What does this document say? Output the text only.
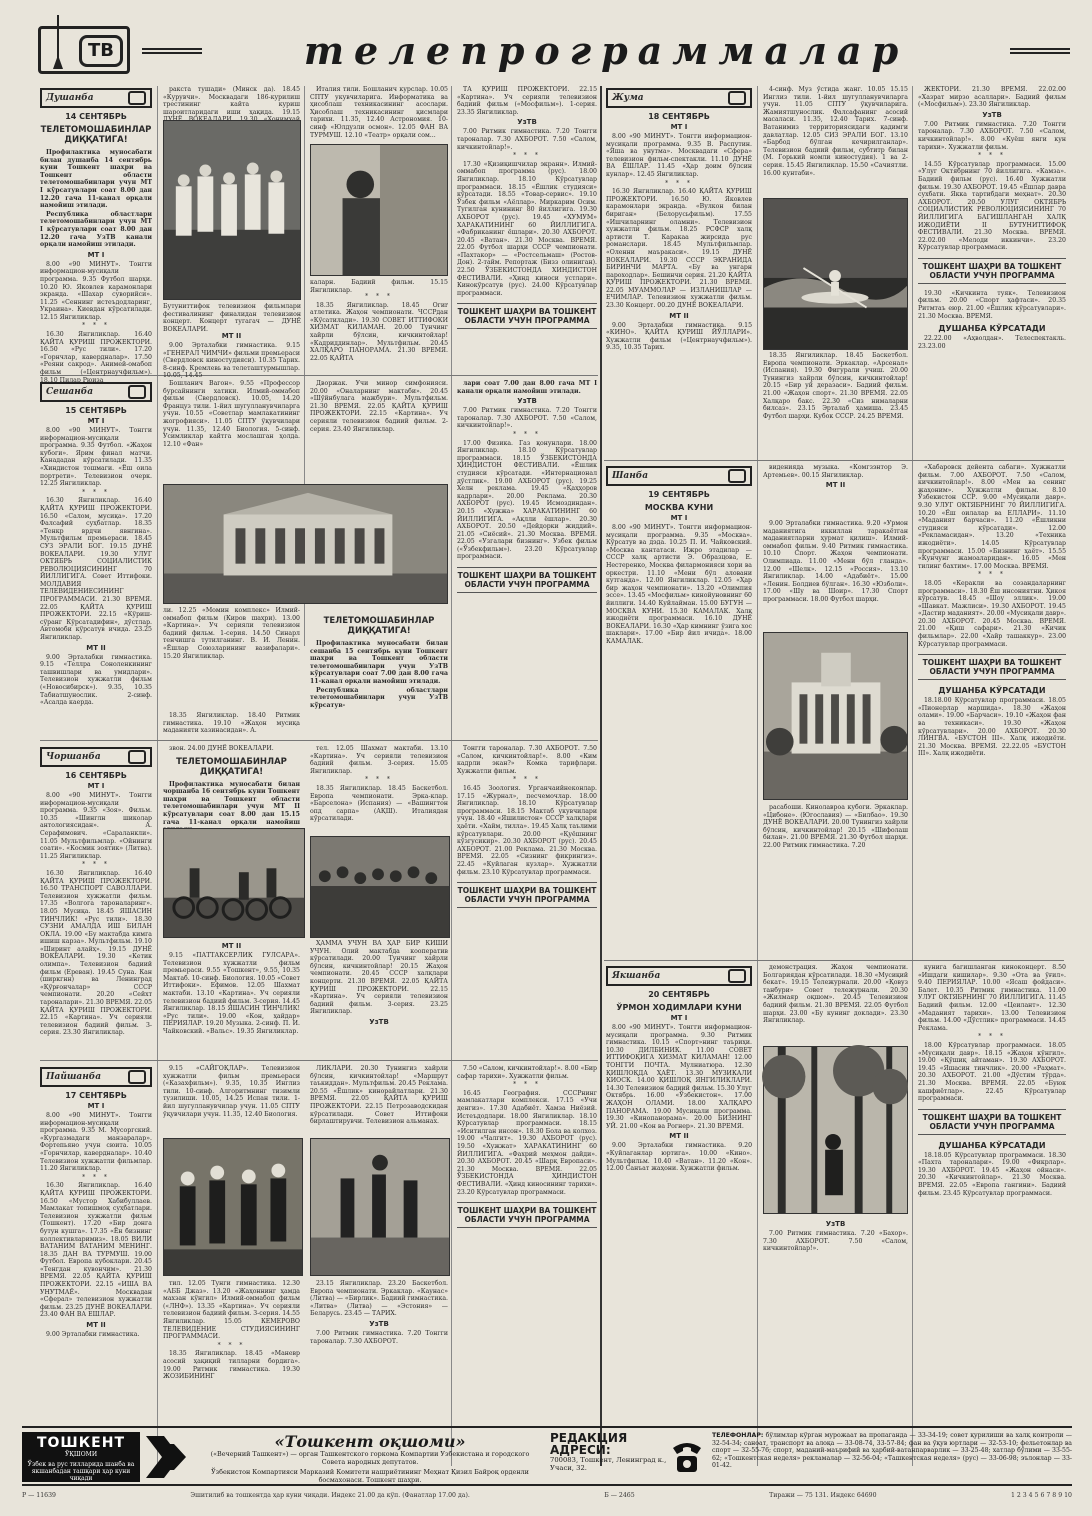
ТВ	телепрограммалар
Душанба
14 СЕНТЯБРЬ
ТЕЛЕТОМОШАБИНЛАР ДИҚҚАТИГА!

Профилактика муносабати билан душанба 14 сентябрь куни Тошкент шаҳри ва Тошкент области телетомошабинлари учун МТ I кўрсатувлари соат 8.00 дан 12.20 гача 11-канал орқали намойиш этилади.

Республика областлари телетомошабинлари учун МТ I кўрсатувлари соат 8.00 дан 12.20 гача УзТВ канали орқали намойиш этилади.

МТ I

8.00 «90 МИНУТ». Тонгги информацион-мусиқали программа. 9.35 Футбол шарҳи. 10.20 Ю. Яковлев карамонлари экранда. «Шахар суворийси». 11.25 «Сеннинг истеъдодларинг, Украина». Киевдан кўрсатилади. 12.15 Янгиликлар.

* * *

16.30 Янгиликлар. 16.40 ҚАЙТА ҚУРИШ ПРОЖЕКТОРИ. 16.50 «Рус тили». 17.20 «Горнчлар, кавердналар». 17.50 «Реяни сакрод». Анимей-омабоп фильм («Центрнаучфильм»). 18.10 Пилар Рюиза

ракста тушади» (Минск да). 18.45 «Курувчи». Москвадаги 186-курилиш трестининг кайта куриш шароитларидаги иши ҳақида. 19.15

Бутуниттифок телевизион фильмлари фестивалининг финалидан телевизион концерт. Концерт тугагач — ДУНЁ ВОКЕАЛАРИ.
МТ II

9.00 Эрталабки гимнастика. 9.15 «ГЕНЕРАЛ ЧИМЧИ» фильми премьераси (Свердловск киностудияси). 10.35 Тарих. 8-синф. Кремлевь ва телеташтурмышлар. 10.05, 14.45

Италия тили. Бошланич курслар. 10.05 СПТУ укувчиларига. Информатика ва ҳисоблаш техникасининг асослари. Ҳисоблаш техникасининг қисмлари тарихи. 11.35, 12.40 Астрономия. 10-синф «Юлдузли осмон». 12.05 ФАН ВА ТУРМУШ. 12.10 «Театр» орқали сом...

каларн. Бадиий фильм. 15.15 Янгиликлар.
* * *

18.35 Янгиликлар. 18.45 Огиr атлетика. Жаҳон чемпионати. ЧССРдан «Кўсатилади». 19.30 СОВЕТ ИТТИФОКИ ХИЗМАТ КИЛАМАН. 20.00 Тунчинг хайрли бўлсин, кичкинтойлар! «Кадриддинлар». Мультфильм. 20.45 ХАЛҚАРО ПАНОРАМА. 21.30 ВРЕМЯ. 22.05 ҚАЙТА

ТА ҚУРИШ ПРОЖЕКТОРИ. 22.15 «Картина». Уч серияли телевизион бадиий фильм («Мосфильм»). 1-серия. 23.35 Янгиликлар.

УзТВ

7.00 Ритмик гимнастика. 7.20 Тонгги тароналар. 7.30 АХБОРОТ. 7.50 «Салом, кичкинтойлар!».

* * *

17.30 «Қизиқишчилар экранн». Илмий-оммабоп программа (рус). 18.00 Янгиликлар. 18.10 Кўрсатувлар программаси. 18.15 «Ёшлик студияси» кўрсатади. 18.55 «Товар-сервис». 19.10 Ўзбек фильм «Аёллар». Миркарим Осим. Тугилган кунининг 80 йиллигига. 19.30 АХБОРОТ (рус). 19.45 «ХУМУМ» ХАРАКАТИНИНГ 60 ЙИЛЛИГИГА. «Фабриканинг ёшлари». 20.30 АХБОРОТ. 20.45 «Ватан». 21.30 Москва. ВРЕМЯ. 22.05 Футбол шарҳи СССР чемпионати. «Пахтакор» — «Ростсельмаш» (Ростов-Дон). 2-тайм. Репортаж (Бизз олиниган). 22.50 ЎЗБЕКИСТОНДА ХИНДИСТОН ФЕСТИВАЛИ. «Ҳинд киноси устлари». Кинокўрсатув (рус). 24.00 Кўрсатувлар программаси.

ТОШКЕНТ ШАҲРИ ВА ТОШКЕНТ ОБЛАСТИ УЧУН ПРОГРАММА
Сешанба
15 СЕНТЯБРЬ
МТ I

8.00 «90 МИНУТ». Тонгги информацион-мусиқали программа. 9.35 Футбол. «Жаҳон кубоги». Ярим финал матчи. Канададан кўрсатилади. 11.35 «Хиндистон тошмаги. «Ёш оила портрети». Телевизион очерк. 12.25 Янгиликлар.

* * *

16.30 Янгиликлар. 16.40 ҚАЙТА ҚУРИШ ПРОЖЕКТОРИ. 16.50 «Салом, мусиқа». 17.20 Фалсафий суҳбатлар. 18.35 «Тенкр врдчи явнгина». Мультфильм премьераси. 18.45 СУЗ ЭРАЛИ БОГ. 19.15 ДУНЁ ВОКЕАЛАРИ. 19.30 УЛУГ ОКТЯБРЬ СОЦИАЛИСТИК РЕВОЛЮЦИЯСИНИНГ 70 ЙИЛЛИГИГА. Совет Иттифоки. МОЛДАВИЯ ТЕЛЕВИДЕНИЕСИНИНГ ПРОГРАММАСИ. 21.30 ВРЕМЯ. 22.05 ҚАЙТА ҚУРИШ ПРОЖЕКТОРИ. 22.15 «Кўриш-сўранг Кўрсатадифин», дўстлар. Автомоби кўрсатув ичида. 23.25 Янгиликлар.

МТ II

9.00 Эрталабки гимнастика. 9.15 «Теллра Соноленкининг ташвишлари ва умидлари». Телевизион хужжатли фильм («Новосибирск»). 9.35, 10.35 Табиатшунослик. 2-синф. «Асалда каерда.

Бошланич Вагон». 9.55 «Профессор бурсайнинги хатики. Илмий-оммабоп фильм (Свердловск). 10.05, 14.20 Француз тили. 1-йил шугулланувчиларга учун. 10.55 «Советлар мамлакатининг жогрофияси». 11.05 СПТУ ўқувчилари учун. 11.35, 12.40 Биология. 5-синф. Усимликлар кайтга мослашган ҳолда. 12.10 «Фан»

ли. 12.25 «Момин комплекс» Илмий-оммабоп фильм (Киров шаҳри). 13.00 «Картина». Уч серияли телевизион бадиий фильм. 1-серия. 14.50 Синарл тенчишга тутилганинг. В. И. Ленин. «Ёшлар Союзларининг вазифалари». 15.20 Янгиликлар.

18.35 Янгиликлар. 18.40 Ритмик гимнастика. 19.10 «Жаҳон мусиқа маданияти хазинасидан». А.

Дворжак. Учи минор симфонияси. 20.00 «Оналарнинг мактаби». 20.45 «Шўйнбулага мажбури». Мультфильм. 21.30 ВРЕМЯ. 22.05 ҚАЙТА ҚУРИШ ПРОЖЕКТОРИ. 22.15 «Картина». Уч серияли телевизион бадиий фильм. 2-серия. 23.40 Янгиликлар.

ТЕЛЕТОМОШАБИНЛАР ДИҚҚАТИГА!

Профилактика муносабати билан сешанба 15 сентябрь куни Тошкент шаҳри ва Тошкент области телетомошабинлари учун УзТВ кўрсатувлари соат 7.00 дан 8.00 гача 11-канал орқали намойиш этилади.

Республика областлари телетомошабинлари учун УзТВ кўрсатув-

лари соат 7.00 дан 8.00 гача МТ I канали орқали намойиш этилади.

УзТВ

7.00 Ритмик гимнастика. 7.20 Тонгги тароналар. 7.30 АХБОРОТ. 7.50 «Салом, кичкинтойлар!».

* * *

17.00 Физика. Газ қонунлари. 18.00 Янгиликлар. 18.10 Кўрсатувлар программаси. 18.15 ЎЗБЕКИСТОНДА ҲИНДИСТОН ФЕСТИВАЛИ. «Ёшлик студияси кўрсатади. «Интернационал дўстлик». 19.00 АХБОРОТ (рус). 19.25 Хелн реклама. 19.45 «Қаҳҳоров кадрлари». 20.00 Реклама. 20.30 АХБОРОТ (рус). 19.45 Исмоздиндан». 20.15 «Хужжа» ХАРАКАТИНИНГ 60 ЙИЛЛИГИГА. «Ақлли ёшлар». 20.30 АХБОРОТ. 20.50 «Дейдорки жиддий». 21.05 «Сиёсий». 21.30 Москва. ВРЕМЯ. 22.05 «Узгалари бизнинг». Узбек фильм («Ўзбекфильм»). 23.20 Кўрсатувлар программаси.

ТОШКЕНТ ШАҲРИ ВА ТОШКЕНТ ОБЛАСТИ УЧУН ПРОГРАММА
Чоршанба
16 СЕНТЯБРЬ
МТ I

8.00 «90 МИНУТ». Тонгги информацион-мусиқали программа. 9.35 «Зоя». Фильм. 10.35 «Шинглн шиколар антологиясидан». А. Серафимович. «Сараланкли». 11.05 Мультфильмлар. «Ойнинги соати». «Космик зоятик» (Литва). 11.25 Янгиликлар.

* * *

16.30 Янгиликлар. 16.40 ҚАЙТА ҚУРИШ ПРОЖЕКТОРИ. 16.50 ТРАНСПОРТ САВОЛЛАРИ. Телевизион хужжатли фильм. 17.35 «Волгога тароналаринг». 18.05 Мусиқа. 18.45 ЯШАСИН ТИНЧЛИК! «Рус тили». 18.30 СУЗНИ АМАЛДА ИШ БИЛАН ОКЛА. 19.00 «Бу мактабда кимга ишиш карза». Мультфильм. 19.10 «Ширинт алайҳ». 19.15 ДУНЁ ВОКЕАЛАРИ. 19.30 «Кетик олимпа». Телевизион бадиий фильм (Ереван). 19.45 Суна. Кан (ширкгнн) ва Ленинград «Қўрғончалар» СССР чемпионати. 20.20 «Сейхт тароналари». 21.30 ВРЕМЯ. 22.05 ҚАЙТА ҚУРИШ ПРОЖЕКТОРИ. 22.15 «Картина». Уч серияли телевизион бадиий фильм. 3-серия. 23.30 Янгиликлар.

звон. 24.00 ДУНЁ ВОКЕАЛАРИ.

ТЕЛЕТОМОШАБИНЛАР ДИҚҚАТИГА!

Профилактика муносабати билан чоршанба 16 сентябрь куни Тошкент шаҳри ва Тошкент области телетомошабинлари учун МТ II кўрсатувлари соат 8.00 дан 15.15 гача 11-канал орқали намойиш

МТ II

9.15 «ПАТТАКСЕРЛИК ГУЛСАРА». Телевизион хужжатли фильм премьераси. 9.55 «Тошкент», 9.55, 10.35 Мактаб. 10-синф. Биология. 10.05 «Совет Иттифоки». Ефимов. 12.05 Шахмат мактаби. 13.10 «Картина». Уч серияли телевизион бадиий фильм. 3-серия. 14.45 Янгиликлар. 18.15 ЯШАСИН ТИНЧЛИК! «Рус тили». 19.00 «Кон, ҳайдар» ПЕРИЯЛАР. 19.20 Музыка. 2-синф. П. И. Чайковский. «Вальс». 19.35 Янгиликлар.

тел. 12.05 Шахмат мактаби. 13.10 «Картина». Уч серияли телевизион бадиий фильм. 3-серия. 15.05 Янгиликлар.

* * *

18.35 Янгиликлар. 18.45 Баскетбол. Европа чемпионати. Эрка-клар. «Барселона» (Испания) — «Вашингтон опд сарпа» (АҚШ). Италиядан кўрсатилади.

ҲАММА УЧУН ВА ҲАР БИР КИШИ УЧУН. Олий мактабда кооператив кўрсатилади. 20.00 Тунчинг хайрли бўлсин, кичкинтойлар! 20.15 Жаҳон чемпионати. 20.45 СССР халқлари концерти. 21.30 ВРЕМЯ. 22.05 ҚАЙТА ҚУРИШ ПРОЖЕКТОРИ. 22.15 «Картина». Уч серияли телевизион бадиий фильм. 3-серия. 23.25 Янгиликлар.

УзТВ

Тонгги тароналар. 7.30 АХБОРОТ. 7.50 «Салом, кичкинтойлар!». 8.00 «Ким кадрли экан?» Комка тарифлари. Хужжатли фильм.

* * *

16.45 Зоология. Урганчаийнеконлар. 17.15 «Журнал», песчемочлар. 18.00 Янгиликлар. 18.10 Кўрсатувлар программаси. 18.15 Мактаб укувчилари учун. 18.40 «Яшилистон» СССР халқлари ҳаёти. «Хайм, тилла». 19.45 Халқ таълими кўрсатувлари. 20.00 «Қуёшнинг кўзгусикир». 20.30 АХБОРОТ (рус). 20.45 АХБОРОТ. 21.00 Реклама. 21.30 Москва. ВРЕМЯ. 22.05 «Сизнинг фикрингиз». 22.45 «Куйлаган кузлар». Хужжатли фильм. 23.10 Кўрсатувлар программаси.

ТОШКЕНТ ШАҲРИ ВА ТОШКЕНТ ОБЛАСТИ УЧУН ПРОГРАММА
Пайшанба
17 СЕНТЯБРЬ
МТ I

8.00 «90 МИНУТ». Тонгги информацион-мусиқали программа. 9.35 М. Мусоргский. «Кургазмадаги манзаралар». Фортепьяно учун сюита. 10.05 «Горнчилар, кавердналар». 10.40 Телевизион хужжатли фильмлар. 11.20 Янгиликлар.

* * *

16.30 Янгиликлар. 16.40 ҚАЙТА ҚУРИШ ПРОЖЕКТОРИ. 16.50 «Мустор Хабибуллаев. Мамлакат топишмоқ суҳбатлари. Телевизион хужжатли фильм (Тошкент). 17.20 «Бир донга бутун кушга». 17.35 «Ён бизнинг коллективларимиз». 18.05 ВИЛИ ВАТАНИМ ВАТАНИМ МЕНИНГ. 18.35 ДАН ВА ТУРМУШ. 19.00 Футбол. Европа кубоклари. 20.45 «Тенгдан кувончим». 21.30 ВРЕМЯ. 22.05 ҚАЙТА ҚУРИШ ПРОЖЕКТОРИ. 22.15 «ИША ВА УНУТМАЁ». Москвадан «Сферал» телевизион хужжатли фильм. 23.25 ДУНЁ ВОКЕАЛАРИ. 23.40 ФАН ВА ЕШЛАР.

МТ II

9.00 Эрталабки гимнастика.

9.15 «САЙГОҚЛАР». Телевизион хужжатли фильм премьераси («Казахфильм»). 9.35, 10.35 Инглиз тили. 10-синф. Алгоритмнинг тизимли тузилиши. 10.05, 14.25 Испан тили. 1-йил шугулланувчилар учун. 11.05 СПТУ ўқувчилари учун. 11.35, 12.40 Биология.

тил. 12.05 Тунги гимнастика. 12.30 «АББ Джаз». 13.20 «Жаҳоннинг ҳамда махзан кўнгил» Илмий-оммабоп фильм («ЛНФ»). 13.35 «Картина». Уч серияли телевизион бадиий фильм. 3-серия. 14.55 Янгиликлар. 15.05 КЕМЕРОВО ТЕЛЕВИДЕНИЕ СТУДИЯСИНИНГ ПРОГРАММАСИ.

* * *

18.35 Янгиликлар. 18.45 «Маневр асосий ҳақиқий тилларни бордига». 19.00 Ритмик гимнастика. 19.30 ЖОЗИБИНИНГ

ЛИКЛАРИ. 20.30 Тунингиз хайрли бўлсин, кичкинтойлар! «Маршрут таъкиддан». Мультфильм. 20.45 Реклама. 20.55 «Ёшлик» кинорайлатлари. 21.30 ВРЕМЯ. 22.05 ҚАЙТА ҚУРИШ ПРОЖЕКТОРИ. 22.15 Петрозаводскидан кўрсатилади. Совет Иттифоки бирлаштирувчи. Телевизион альманах.

23.15 Янгиликлар. 23.20 Баскетбол. Европа чемпионати. Эркаклар. «Каунас» (Литва) — «Бирлик». Бадиий гимнастика. «Литва» (Литва) — «Эстония» — Беларусь. 23.45 — ТАРИХ.

УзТВ

7.00 Ритмик гимнастика. 7.20 Тонгги тароналар. 7.30 АХБОРОТ.

7.50 «Салом, кичкинтойлар!». 8.00 «Бир сафар тарихи». Хужжатли фильм.

* * *

16.45 География. СССРнинг мамлакатлари комплекси. 17.15 «Учи денгиз». 17.30 Адабиёт. Хамза Ниёзий. Истеъдодлари. 18.00 Янгиликлар. 18.10 Кўрсатувлар программаси. 18.15 «Иситилган инсон». 18.30 Бола ва колхоз. 19.00 «Чалгит». 19.30 АХБОРОТ (рус). 19.50 «Хужжат» ХАРАКАТИНИНГ 60 ЙИЛЛИГИГА. «Фахрий меҳмон дайди». 20.30 АХБОРОТ. 20.45 «Шарқ Европаси». 21.30 Москва. ВРЕМЯ. 22.05 ЎЗБЕКИСТОНДА ҲИНДИСТОН ФЕСТИВАЛИ. «Ҳинд киносининг тарихи». 23.20 Кўрсатувлар программаси.

ТОШКЕНТ ШАҲРИ ВА ТОШКЕНТ ОБЛАСТИ УЧУН ПРОГРАММА
Жума
18 СЕНТЯБРЬ
МТ I

8.00 «90 МИНУТ». Тонгги информацион-мусиқали программа. 9.35 В. Распутин. «Яша ва унутма». Москвадаги «Сфера» телевизион фильм-спектакли. 11.10 ДУНЁ ВА ЁШЛАР. 11.45 «Ҳар доим бўлсин кунлар». 12.45 Янгиликлар.

* * *

16.30 Янгиликлар. 16.40 ҚАЙТА ҚУРИШ ПРОЖЕКТОРИ. 16.50 Ю. Яковлев карамонлари экранда. «Вулкон билан бириган» (Белорусьфильм). 17.55 «Ишчиларнинг оламни». Телевизион хужжатли фильм. 18.25 РСФСР халқ артисти Т. Каракаа жирсида рус романслари. 18.45 Мультфильмлар. «Оленни маъракаси». 19.15 ДУНЁ ВОКЕАЛАРИ. 19.30 СССР ЭКРАНИДА БИРИНЧИ МАРТА. «Бу ва унгарн пароходлар». Бешинчи серия. 21.20 ҚАЙТА ҚУРИШ ПРОЖЕКТОРИ. 21.30 ВРЕМЯ. 22.05 МУАММОЛАР — ИЗЛАНИШЛАР — ЕЧИМЛАР. Телевизион хужжатли фильм. 23.30 Концерт. 00.20 ДУНЁ ВОКЕАЛАРИ.

МТ II

9.00 Эрталабки гимнастика. 9.15 «КИНО». ҚАЙТА ҚУРИШ ЙЎЛЛАРИ». Хужжатли фильм («Центрнаучфильм»). 9.35, 10.35 Тарих.

4-синф. Муз ўстида жанг. 10.05 15.15 Инглиз тили. 1-йил шугулланувчиларга учун. 11.05 СПТУ ўқувчиларига. Жамиятшунослик. Фалсафанинг асосий масаласи. 11.35, 12.40 Тарих. 7-синф. Ватанимиз территориясидаги қадимги давлатлар. 12.05 СИЗ ЭРАЛИ БОГ. 13.10 «Барбод бўлган кечирилганлар». Телевизион бадиий фильм, субтитр билан (М. Горький номли киностудия). 1 ва 2-серия. 15.45 Янгиликлар. 15.50 «Сачиятли. 16.00 кунтаби».

18.35 Янгиликлар. 18.45 Баскетбол. Европа чемпионати. Эркаклар. «Арсенал» (Испания). 19.30 Фигурали учиш. 20.00 Тунингиз хайрли бўлсин, кичкинтойлар! 20.15 «Бир уй деразаси». Бадиий фильм. 21.00 «Жаҳон спорт». 21.30 ВРЕМЯ. 22.05 Халқаро бакс. 22.30 «Сиз нималарни билсаз». 23.15 Эрталаб ҳамиша. 23.45 Футбол шарҳи. Кубок СССР. 24.25 ВРЕМЯ.

ЖЕКТОРИ. 21.30 ВРЕМЯ. 22.02.00 «Хазрат мирзо асаллари». Бадиий фильм («Мосфильм»). 23.30 Янгиликлар.

УзТВ

7.00 Ритмик гимнастика. 7.20 Тонгги тароналар. 7.30 АХБОРОТ. 7.50 «Салом, кичкинтойлар!». 8.00 «Куёш янги кун тарихи». Хужжатли фильм.

* * *

14.55 Кўрсатувлар программаси. 15.00 «Улуг Октябрнинг 70 йиллигига. «Камза». Бадиий фильм (рус). 16.40 Хужжатли фильм. 19.30 АХБОРОТ. 19.45 «Ёшлар давра сухбати. Якка тартибдаги меҳнат». 20.30 АХБОРОТ. 20.50 УЛУГ ОКТЯБРЬ СОЦИАЛИСТИК РЕВОЛЮЦИЯСИНИНГ 70 ЙИЛЛИГИГА БАГИШЛАНГАН ХАЛҚ ИЖОДИЁТИ II БУТУНИТТИФОҚ ФЕСТИВАЛИ. 21.30 Москва. ВРЕМЯ. 22.02.00 «Мелоди иккинчи». 23.20 Кўрсатувлар программаси.

ТОШКЕНТ ШАҲРИ ВА ТОШКЕНТ ОБЛАСТИ УЧУН ПРОГРАММА

19.30 «Кичкинта туяк». Телевизион фильм. 20.00 «Спорт ҳафтаси». 20.35 Ритмтаъ еюр. 21.00 «Ёшлик кўрсатувлари». 21.30 Москва. ВРЕМЯ.

ДУШАНБА КЎРСАТАДИ

22.22.00 «Аҳволдан». Телеспектакль. 23.23.00

Шанба
19 СЕНТЯБРЬ
МОСКВА КУНИ
МТ I

8.00 «90 МИНУТ». Тонгги информацион-мусиқали программа. 9.35 «Москва». Кўрсатув ва дэда. 10.25 П. И. Чайковский. «Москва кантатаси. Ижро этадилар — СССР халқ артисти Э. Образцова, Е. Нестеренко, Москва филармонияси хори ва оркестри. 11.10 «Мени бўл аловани кутганда». 12.00 Янгиликлар. 12.05 «Ҳар бир жаҳон чемпионати». 13.20 «Олимпия эссе». 13.45 «Мосфильм» кинойуновнинг 60 йиллиги. 14.40 Куйлайман. 15.00 БУГУН — МОСКВА КУНИ. 15.30 КАМАЛАК. Халқ ижодиёти программаси. 16.10 ДУНЁ ВОКЕАЛАРИ. 16.30 «Ҳар кимнинг ўзига хос шаклари». 17.00 «Бир йил ичида». 18.00 КАМАЛАК.

виденияда музыка. «Комгзэнтор Э. Артемьев». 00.15 Янгиликлар.

МТ II

9.00 Эрталабки гимнастика. 9.20 «Урмон маданиятига иккиллан таракаётган маданиятларни ҳурмат қилиш». Илмий-оммабоп фильм. 9.40 Ритмик гимнастика. 10.10 Спорт. Жаҳон чемпионати. Олимпиада. 11.00 «Мени бўл гланда». 12.00 «Шелк». 12.15 «Россия». 13.10 Янгиликлар. 14.00 «Адабиёт». 15.00 «Ленин. Болдиев бўлган». 16.30 «Юзболи». 17.00 «Шу ва Шоир». 17.30 Спорт программаси. 18.00 Футбол шарҳи.

расабоши. Кинолавроа кубоги. Эркаклар. «Цибоне». (Югославия) — «Билбао». 19.30 ДУНЁ ВОКЕАЛАРИ. 20.00 Тунингиз хайрли бўлсин, кичкинтойлар! 20.15 «Шифолаш билан». 21.00 ВРЕМЯ. 21.30 Футбол шарҳи. 22.00 Ритмик гимнастика. 7.20

«Хабаровск дейента сабаги». Хужжатли фильм. 7.00 АХБОРОТ. 7.50 «Салом, кичкинтойлар!». 8.00 «Мен ва сенинг жаҳоним». Хужжатли фильм. 8.10 Ўзбекистон ССР. 9.00 «Мусиқали давр». 9.30 УЛУГ ОКТЯБРНИНГ 70 ЙИЛЛИГИГА. 10.20 «Ёш оилалар ва ЕЛЛАРИ». 11.10 «Маданият барчаси». 11.20 «Ёшликни студияси кўрсатади». 12.00 «Рекламасидан». 13.20 «Техника ижодиёти». 14.05 Кўрсатувлар программаси. 15.00 «Бизнинг ҳаёт». 15.55 «Кунчунг жамоаларидан». 16.05 «Мен тилинг бахтим». 17.00 Москва. ВРЕМЯ.

* * *

18.05 «Керакли ва созандаларнинг программаси». 18.30 Ёш инсониятни. Ҳикоя кўрсатув. 18.45 «Шоу эллик». 19.00 «Шавкат. Мажлиси». 19.30 АХБОРОТ. 19.45 «Дастир маданият». 20.00 «Мусиқали давр». 20.30 АХБОРОТ. 20.45 Москва. ВРЕМЯ. 21.00 «Қиш сафари». 21.30 «Кичик фильмлар». 22.00 «Хайр ташаккур». 23.00 Кўрсатувлар программаси.

ТОШКЕНТ ШАҲРИ ВА ТОШКЕНТ ОБЛАСТИ УЧУН ПРОГРАММА
ДУШАНБА КЎРСАТАДИ

18.18.00 Кўрсатувлар программаси. 18.05 «Пионерлар маршида». 18.30 «Жаҳон олами». 19.00 «Барчаси». 19.10 «Жаҳон фан ва техникаси». 19.30 «Жаҳон кўрсатувлари». 20.00 АХБОРОТ. 20.30 ЛИНГВА. «БУСТОН III». Халқ ижодиёти. 21.30 Москва. ВРЕМЯ. 22.22.05 «БУСТОН III». Халқ ижодиёти.

Якшанба
20 СЕНТЯБРЬ
ЎРМОН ХОДИМЛАРИ КУНИ
МТ I

8.00 «90 МИНУТ». Тонгги информацион-мусиқали программа. 9.30 Ритмик гимнастика. 10.15 «Спорт»нинг таъриҳи. 10.30 ДИЛБИНИК. 11.00 СОВЕТ ИТТИФОҚИГА ХИЗМАТ КИЛАМАН! 12.00 ТОНГГИ ПОЧТА. Мулниатюра. 12.30 ҚИШЛОҚДА ҲАЁТ. 13.30 МУЗИКАЛИ КИОСК. 14.00 ҚИШЛОҚ ЯНГИЛИКЛАРИ. 14.30 Телевизион бадиий фильм. 15.30 Улуг Октябрь. 16.00 «Ўзбекистон». 17.00 ЖАҲОН ОЛАМИ. 18.00 ХАЛҚАРО ПАНОРАМА. 19.00 Мусиқали программа. 19.30 «Кинопанорама». 20.00 БИЗНИНГ УЙ. 21.00 «Кон ва Рогнер». 21.30 ВРЕМЯ.

МТ II

9.00 Эрталабки гимнастика. 9.20 «Куйлаганлар юртига». 10.00 «Кино». Мультфильм. 10.40 «Ватан». 11.20 «Кон». 12.00 Санъат жаҳони. Хужжатли фильм.

демонстрация. Жаҳон чемпионати. Болгариядан кўрсатилади. 18.30 «Мусиқий бекат». 19.15 Тележурнали. 20.00 «Қовуз танбури» Совет тележурнали. 20.30 «Жилмаяр оқшом». 20.45 Телевизион бадиий фильм. 21.30 ВРЕМЯ. 22.05 Футбол шарҳи. 23.00 «Бу кунинг доклади». 23.30 Янгиликлар.

УзТВ

7.00 Ритмик гимнастика. 7.20 «Бахор». 7.30 АХБОРОТ. 7.50 «Салом, кичкинтойлар!».

кунига багишланган киноконцерт. 8.50 «Ишдаги кишилар». 9.30 «Ота ва ўғил». 9.40 ПЕРИЯЛАР. 10.00 «Ясаш фойдаси». Балет. 10.35 Ритмик гимнастика. 11.00 УЛУГ ОКТЯБРНИНГ 70 ЙИЛЛИГИГА. 11.45 Бадиий фильм. 12.00 «Цеилант». 12.30 «Маданият тарихи». 13.00 Телевизион фильм. 14.00 «Дўстлик» программаси. 14.45 Реклама.

* * *

18.00 Кўрсатувлар программаси. 18.05 «Мусиқали давр». 18.15 «Жаҳон кўнгил». 19.00 «Қўшиқ айтаман». 19.30 АХБОРОТ. 19.45 «Яшасин тинчлик». 20.00 «Раҳмат». 20.30 АХБОРОТ. 21.00 «Дўстим тўрда». 21.30 Москва. ВРЕМЯ. 22.05 «Буюк кашфиётлар». 22.45 Кўрсатувлар программаси.

ТОШКЕНТ ШАҲРИ ВА ТОШКЕНТ ОБЛАСТИ УЧУН ПРОГРАММА
ДУШАНБА КЎРСАТАДИ

18.18.05 Кўрсатувлар программаси. 18.30 «Пахта тароналари». 19.00 «Фикрлар». 19.30 АХБОРОТ. 19.45 «Жаҳон ойнаси». 20.30 «Кичкинтойлар». 21.30 Москва. ВРЕМЯ. 22.05 «Европа гангини». Бадиий фильм. 23.45 Кўрсатувлар программаси.

ТОШКЕНТ
ЎҚШОМИ
Ўзбек ва рус тилларида шанба ва якшанбадан ташқари ҳар куни чиқади
«Тошкент оқшоми»
(«Вечерний Ташкент») — орган Ташкентского горкома Компартии Узбекистана и городского Совета народных депутатов.
Ўзбекистон Компартияси Марказий Комитети нашриётининг Меҳнат Қизил Байроқ орденли босмахонаси. Тошкент шаҳри.
РЕДАКЦИЯ АДРЕСИ:
700083, Тошкент, Ленинград к., Учаси, 32.
ТЕЛЕФОНЛАР: бўлимлар кўрган мурожаат ва пропаганда — 33-34-19; совет қурилиши ва халқ контроли — 32-54-34; саноат, транспорт ва алоқа — 33-08-74, 33-57-84; фан ва ўқув юртлари — 32-53-10; фельетонлар ва спорт — 32-55-76; спорт, маданий-маърифий ва ҳарбий-ватанпарварлик — 33-25-48; хатлар бўлими — 33-55-62; «Тошкентская неделя» рекламалар — 32-56-04; «Ташкентская неделя» (рус) — 33-06-98; эълонлар — 33-01-42.
Р — 11639	Эшитилиб ва тошкентда ҳар куни чиқади. Индекс 21.00 да кўп. (Фанатлар 17.00 да).	Б — 2465	Тиражи — 75 131. Индекс 64690	1 2 3 4 5 6 7 8 9 10
